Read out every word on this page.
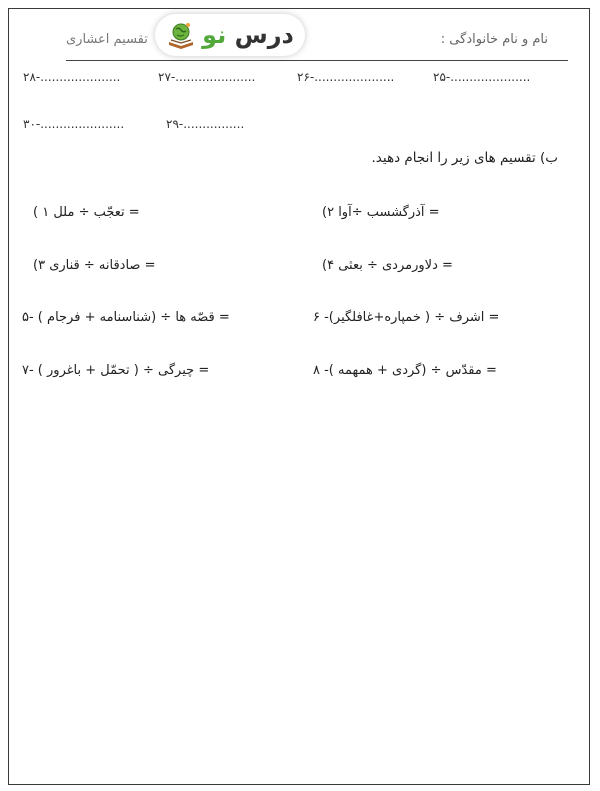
تقسیم اعشاری	درس نو	نام و نام خانوادگی :
۲۵-.....................
۲۶-.....................
۲۷-.....................
۲۸-.....................
۲۹-................
۳۰-......................
ب) تقسیم های زیر را انجام دهید.
( ۱ تعجّب ÷ ملل =	(۲ آذرگشسب ÷آوا =
(۳ صادقانه ÷ قناری =	(۴ دلاورمردی ÷ بعثی =
۵- ( شناسنامه + فرجام) ÷ قصّه ها =	۶ -(خمپاره+غافلگیر ) ÷ اشرف =
۷- ( تحمّل + باغرور ) ÷ چیرگی =	۸ -( گردی + همهمه) ÷ مقدّس =
